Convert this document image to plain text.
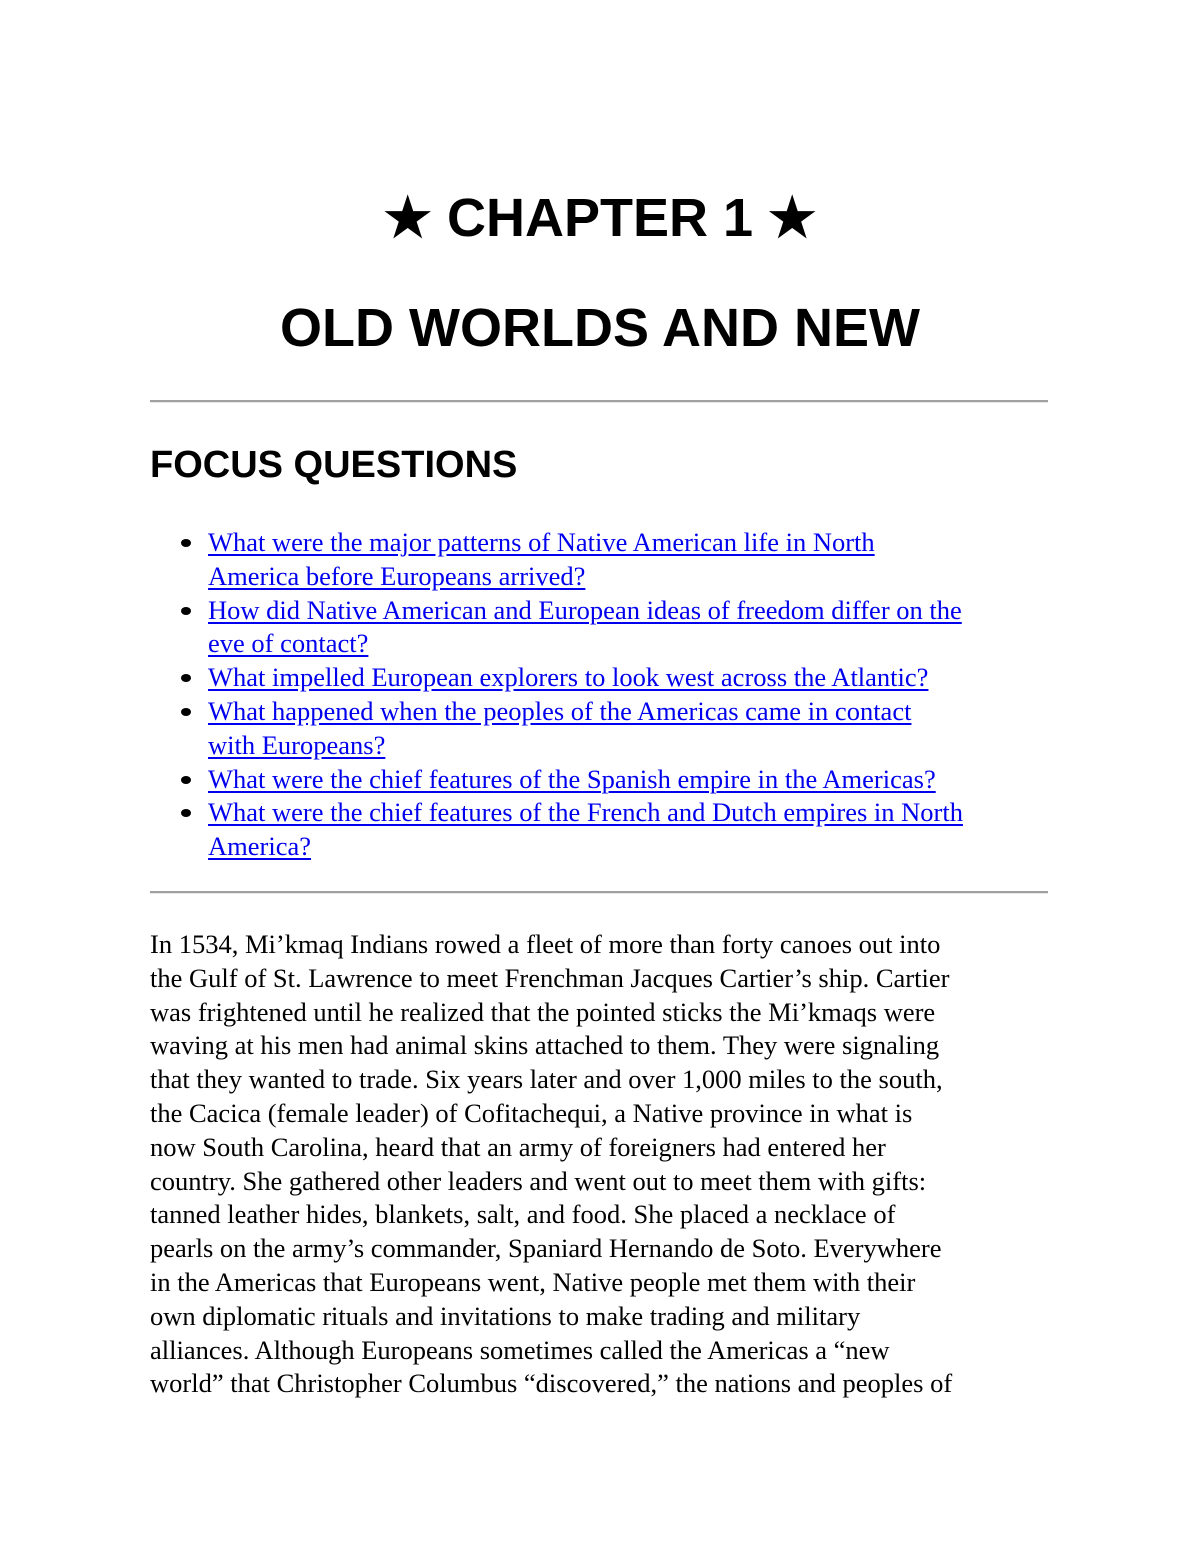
★ CHAPTER 1 ★
OLD WORLDS AND NEW
FOCUS QUESTIONS
What were the major patterns of Native American life in North
America before Europeans arrived?
How did Native American and European ideas of freedom differ on the
eve of contact?
What impelled European explorers to look west across the Atlantic?
What happened when the peoples of the Americas came in contact
with Europeans?
What were the chief features of the Spanish empire in the Americas?
What were the chief features of the French and Dutch empires in North
America?

In 1534, Mi’kmaq Indians rowed a fleet of more than forty canoes out into
the Gulf of St. Lawrence to meet Frenchman Jacques Cartier’s ship. Cartier
was frightened until he realized that the pointed sticks the Mi’kmaqs were
waving at his men had animal skins attached to them. They were signaling
that they wanted to trade. Six years later and over 1,000 miles to the south,
the Cacica (female leader) of Cofitachequi, a Native province in what is
now South Carolina, heard that an army of foreigners had entered her
country. She gathered other leaders and went out to meet them with gifts:
tanned leather hides, blankets, salt, and food. She placed a necklace of
pearls on the army’s commander, Spaniard Hernando de Soto. Everywhere
in the Americas that Europeans went, Native people met them with their
own diplomatic rituals and invitations to make trading and military
alliances. Although Europeans sometimes called the Americas a “new
world” that Christopher Columbus “discovered,” the nations and peoples of
